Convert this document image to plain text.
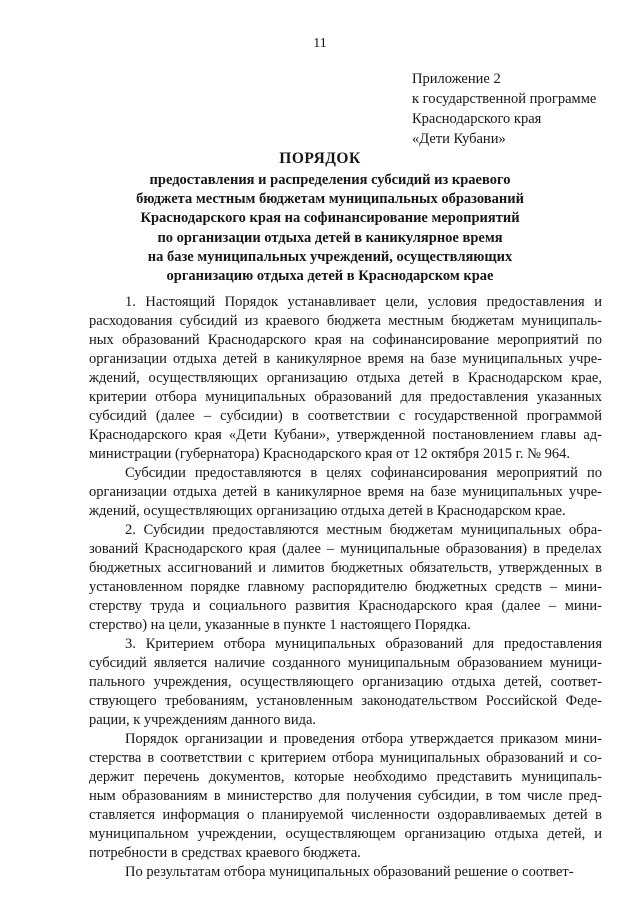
11
Приложение 2
к государственной программе
Краснодарского края
«Дети Кубани»
ПОРЯДОК
предоставления и распределения субсидий из краевого
бюджета местным бюджетам муниципальных образований
Краснодарского края на софинансирование мероприятий
по организации отдыха детей в каникулярное время
на базе муниципальных учреждений, осуществляющих
организацию отдыха детей в Краснодарском крае
1. Настоящий Порядок устанавливает цели, условия предоставления и
расходования субсидий из краевого бюджета местным бюджетам муниципаль-
ных образований Краснодарского края на софинансирование мероприятий по
организации отдыха детей в каникулярное время на базе муниципальных учре-
ждений, осуществляющих организацию отдыха детей в Краснодарском крае,
критерии отбора муниципальных образований для предоставления указанных
субсидий (далее – субсидии) в соответствии с государственной программой
Краснодарского края «Дети Кубани», утвержденной постановлением главы ад-
министрации (губернатора) Краснодарского края от 12 октября 2015 г. № 964.
Субсидии предоставляются в целях софинансирования мероприятий по
организации отдыха детей в каникулярное время на базе муниципальных учре-
ждений, осуществляющих организацию отдыха детей в Краснодарском крае.
2. Субсидии предоставляются местным бюджетам муниципальных обра-
зований Краснодарского края (далее – муниципальные образования) в пределах
бюджетных ассигнований и лимитов бюджетных обязательств, утвержденных в
установленном порядке главному распорядителю бюджетных средств – мини-
стерству труда и социального развития Краснодарского края (далее – мини-
стерство) на цели, указанные в пункте 1 настоящего Порядка.
3. Критерием отбора муниципальных образований для предоставления
субсидий является наличие созданного муниципальным образованием муници-
пального учреждения, осуществляющего организацию отдыха детей, соответ-
ствующего требованиям, установленным законодательством Российской Феде-
рации, к учреждениям данного вида.
Порядок организации и проведения отбора утверждается приказом мини-
стерства в соответствии с критерием отбора муниципальных образований и со-
держит перечень документов, которые необходимо представить муниципаль-
ным образованиям в министерство для получения субсидии, в том числе пред-
ставляется информация о планируемой численности оздоравливаемых детей в
муниципальном учреждении, осуществляющем организацию отдыха детей, и
потребности в средствах краевого бюджета.
По результатам отбора муниципальных образований решение о соответ-
